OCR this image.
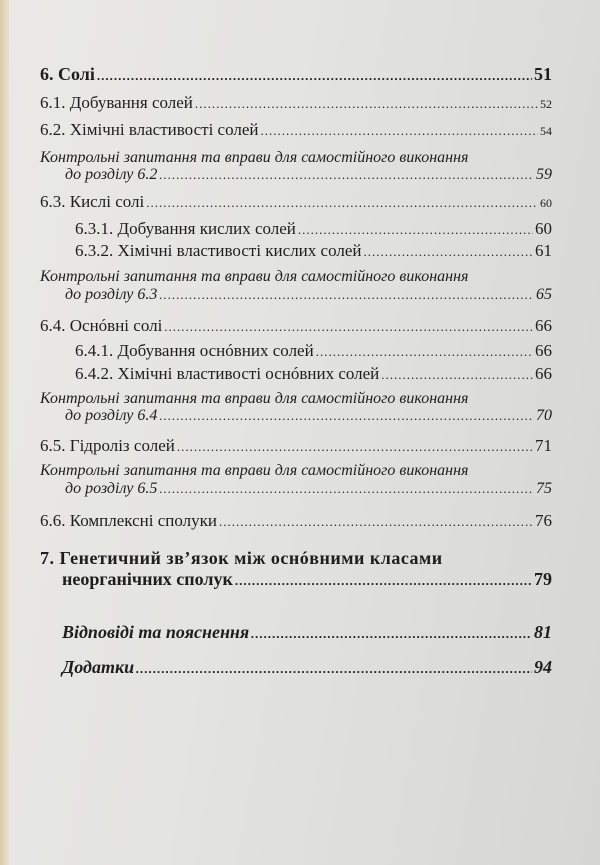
6. Солі .....	51
6.1. Добування солей .....	52
6.2. Хімічні властивості солей .....	54
Контрольні запитання та вправи для самостійного виконання
до розділу 6.2 .....	59
6.3. Кислі солі .....	60
6.3.1. Добування кислих солей .....	60
6.3.2. Хімічні властивості кислих солей .....	61
Контрольні запитання та вправи для самостійного виконання
до розділу 6.3 .....	65
6.4. Оснóвні солі .....	66
6.4.1. Добування оснóвних солей .....	66
6.4.2. Хімічні властивості оснóвних солей .....	66
Контрольні запитання та вправи для самостійного виконання
до розділу 6.4 .....	70
6.5. Гідроліз солей .....	71
Контрольні запитання та вправи для самостійного виконання
до розділу 6.5 .....	75
6.6. Комплексні сполуки .....	76
7. Генетичний зв’язок між оснóвними класами
неорганічних сполук .....	79
Відповіді та пояснення .....	81
Додатки .....	94
